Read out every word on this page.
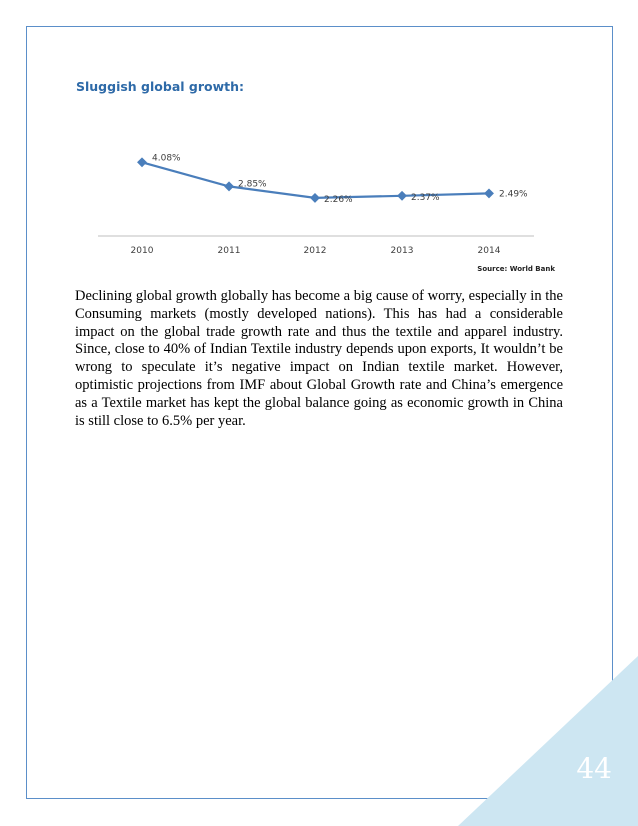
Sluggish global growth:
4.08%
2010
2.85%
2011
2.26%
2012
2.37%
2013
2.49%
2014
Source: World Bank

Declining global growth globally has become a big cause of worry, especially in the Consuming markets (mostly developed nations). This has had a considerable impact on the global trade growth rate and thus the textile and apparel industry. Since, close to 40% of Indian Textile industry depends upon exports, It wouldn’t be wrong to speculate it’s negative impact on Indian textile market. However, optimistic projections from IMF about Global Growth rate and China’s emergence as a Textile market has kept the global balance going as economic growth in China is still close to 6.5% per year.

44
